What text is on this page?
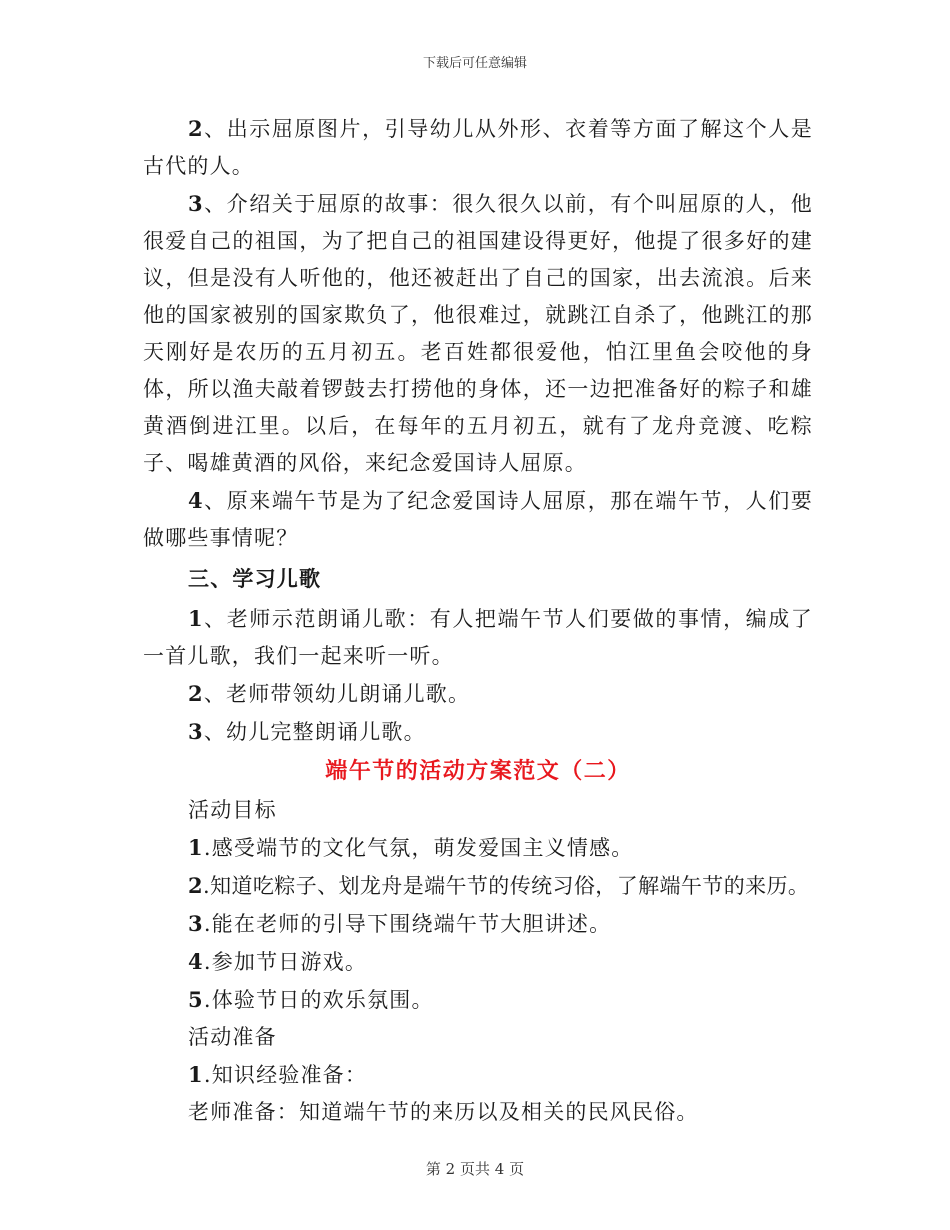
下载后可任意编辑

2、出示屈原图片，引导幼儿从外形、衣着等方面了解这个人是古代的人。

3、介绍关于屈原的故事：很久很久以前，有个叫屈原的人，他很爱自己的祖国，为了把自己的祖国建设得更好，他提了很多好的建议，但是没有人听他的，他还被赶出了自己的国家，出去流浪。后来他的国家被别的国家欺负了，他很难过，就跳江自杀了，他跳江的那天刚好是农历的五月初五。老百姓都很爱他，怕江里鱼会咬他的身体，所以渔夫敲着锣鼓去打捞他的身体，还一边把准备好的粽子和雄黄酒倒进江里。以后，在每年的五月初五，就有了龙舟竞渡、吃粽子、喝雄黄酒的风俗，来纪念爱国诗人屈原。

4、原来端午节是为了纪念爱国诗人屈原，那在端午节，人们要做哪些事情呢？

三、学习儿歌

1、老师示范朗诵儿歌：有人把端午节人们要做的事情，编成了一首儿歌，我们一起来听一听。

2、老师带领幼儿朗诵儿歌。

3、幼儿完整朗诵儿歌。

端午节的活动方案范文（二）

活动目标

1.感受端节的文化气氛，萌发爱国主义情感。

2.知道吃粽子、划龙舟是端午节的传统习俗，了解端午节的来历。

3.能在老师的引导下围绕端午节大胆讲述。

4.参加节日游戏。

5.体验节日的欢乐氛围。

活动准备

1.知识经验准备：

老师准备：知道端午节的来历以及相关的民风民俗。

第 2 页共 4 页
